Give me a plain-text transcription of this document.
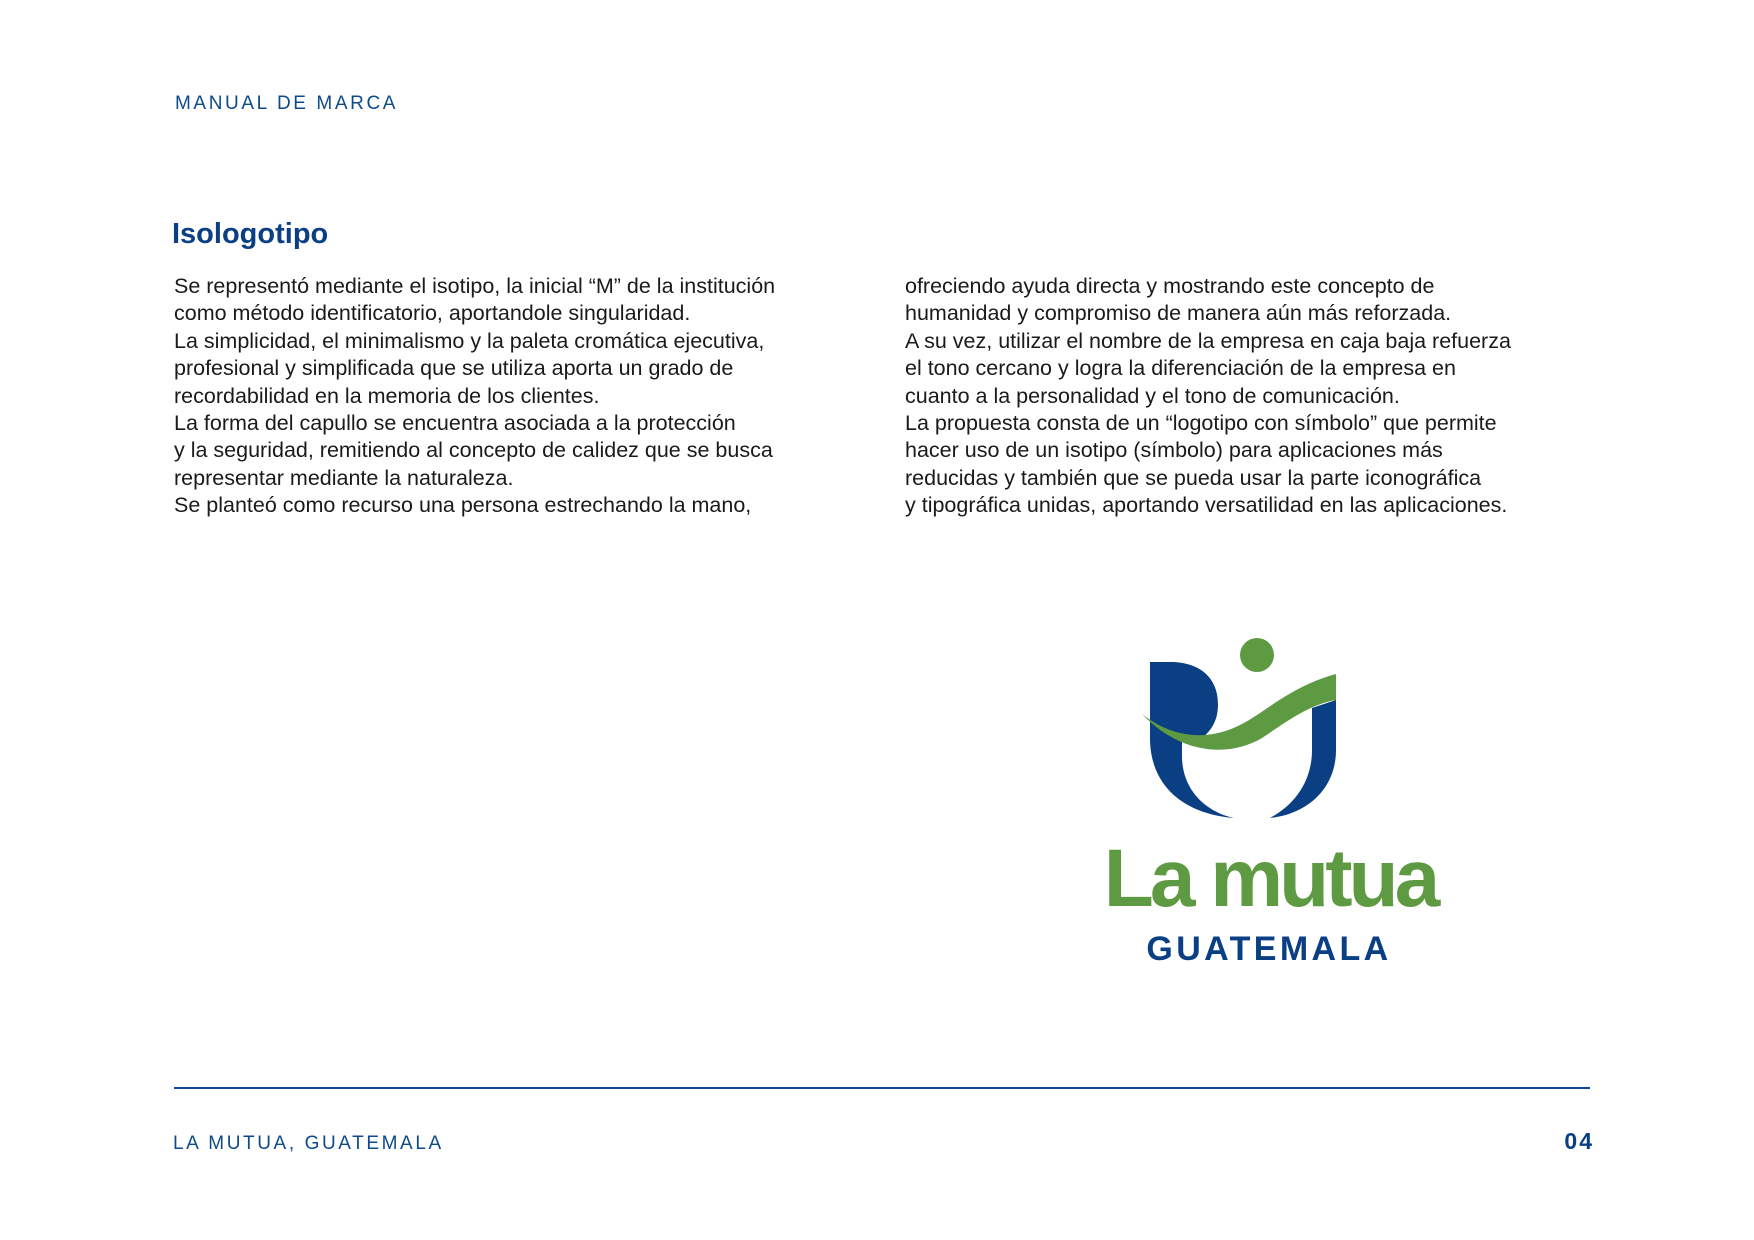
MANUAL DE MARCA
Isologotipo
Se representó mediante el isotipo, la inicial “M” de la institución
como método identificatorio, aportandole singularidad.
La simplicidad, el minimalismo y la paleta cromática ejecutiva,
profesional y simplificada que se utiliza aporta un grado de
recordabilidad en la memoria de los clientes.
La forma del capullo se encuentra asociada a la protección
y la seguridad, remitiendo al concepto de calidez que se busca
representar mediante la naturaleza.
Se planteó como recurso una persona estrechando la mano,
ofreciendo ayuda directa y mostrando este concepto de
humanidad y compromiso de manera aún más reforzada.
A su vez, utilizar el nombre de la empresa en caja baja refuerza
el tono cercano y logra la diferenciación de la empresa en
cuanto a la personalidad y el tono de comunicación.
La propuesta consta de un “logotipo con símbolo” que permite
hacer uso de un isotipo (símbolo) para aplicaciones más
reducidas y también que se pueda usar la parte iconográfica
y tipográfica unidas, aportando versatilidad en las aplicaciones.
La mutua
GUATEMALA
LA MUTUA, GUATEMALA	04
